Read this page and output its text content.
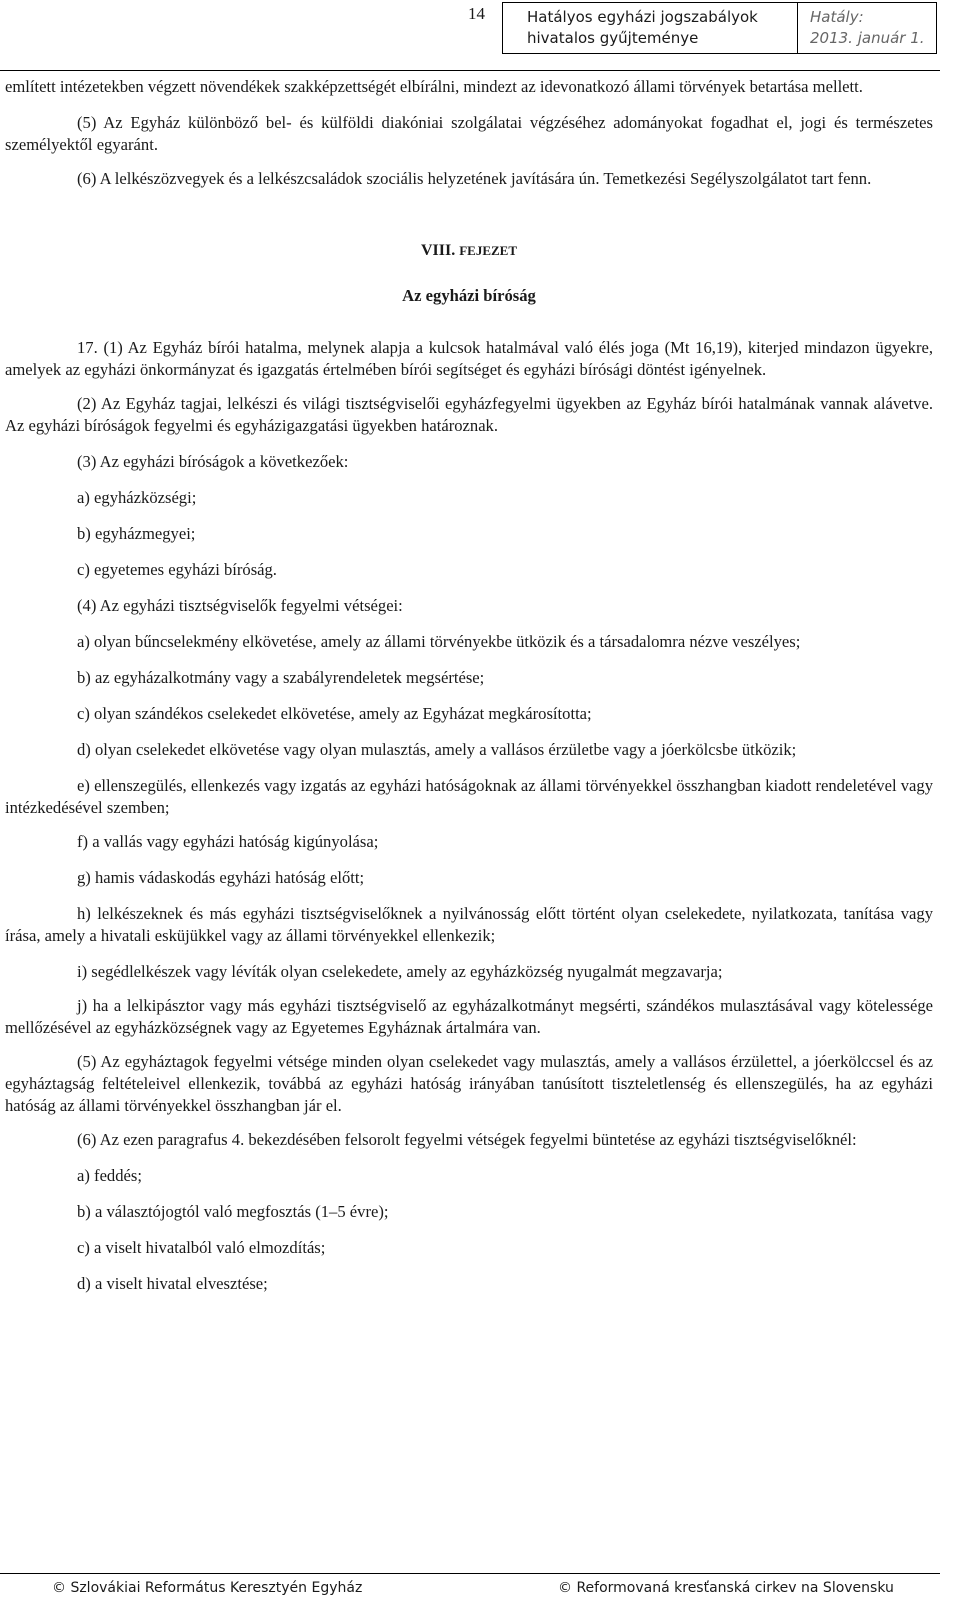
14	Hatályos egyházi jogszabályok
hivatalos gyűjteménye
Hatály:
2013. január 1.

említett intézetekben végzett növendékek szakképzettségét elbírálni, mindezt az idevonatkozó állami törvények betartása mellett.

(5) Az Egyház különböző bel- és külföldi diakóniai szolgálatai végzéséhez adományokat fogadhat el, jogi és természetes személyektől egyaránt.

(6) A lelkészözvegyek és a lelkészcsaládok szociális helyzetének javítására ún. Temetkezési Segélyszolgálatot tart fenn.

VIII. FEJEZET

Az egyházi bíróság

17. (1) Az Egyház bírói hatalma, melynek alapja a kulcsok hatalmával való élés joga (Mt 16,19), kiterjed mindazon ügyekre, amelyek az egyházi önkormányzat és igazgatás értelmében bírói segítséget és egyházi bírósági döntést igényelnek.

(2) Az Egyház tagjai, lelkészi és világi tisztségviselői egyházfegyelmi ügyekben az Egyház bírói hatalmának vannak alávetve. Az egyházi bíróságok fegyelmi és egyházigazgatási ügyekben határoznak.

(3) Az egyházi bíróságok a következőek:

a) egyházközségi;

b) egyházmegyei;

c) egyetemes egyházi bíróság.

(4) Az egyházi tisztségviselők fegyelmi vétségei:

a) olyan bűncselekmény elkövetése, amely az állami törvényekbe ütközik és a társadalomra nézve veszélyes;

b) az egyházalkotmány vagy a szabályrendeletek megsértése;

c) olyan szándékos cselekedet elkövetése, amely az Egyházat megkárosította;

d) olyan cselekedet elkövetése vagy olyan mulasztás, amely a vallásos érzületbe vagy a jóerkölcsbe ütközik;

e) ellenszegülés, ellenkezés vagy izgatás az egyházi hatóságoknak az állami törvényekkel összhangban kiadott rendeletével vagy intézkedésével szemben;

f) a vallás vagy egyházi hatóság kigúnyolása;

g) hamis vádaskodás egyházi hatóság előtt;

h) lelkészeknek és más egyházi tisztségviselőknek a nyilvánosság előtt történt olyan cselekedete, nyilatkozata, tanítása vagy írása, amely a hivatali esküjükkel vagy az állami törvényekkel ellenkezik;

i) segédlelkészek vagy lévíták olyan cselekedete, amely az egyházközség nyugalmát megzavarja;

j) ha a lelkipásztor vagy más egyházi tisztségviselő az egyházalkotmányt megsérti, szándékos mulasztásával vagy kötelessége mellőzésével az egyházközségnek vagy az Egyetemes Egyháznak ártalmára van.

(5) Az egyháztagok fegyelmi vétsége minden olyan cselekedet vagy mulasztás, amely a vallásos érzülettel, a jóerkölccsel és az egyháztagság feltételeivel ellenkezik, továbbá az egyházi hatóság irányában tanúsított tiszteletlenség és ellenszegülés, ha az egyházi hatóság az állami törvényekkel összhangban jár el.

(6) Az ezen paragrafus 4. bekezdésében felsorolt fegyelmi vétségek fegyelmi büntetése az egyházi tisztségviselőknél:

a) feddés;

b) a választójogtól való megfosztás (1–5 évre);

c) a viselt hivatalból való elmozdítás;

d) a viselt hivatal elvesztése;

© Szlovákiai Református Keresztyén Egyház	© Reformovaná kresťanská cirkev na Slovensku
